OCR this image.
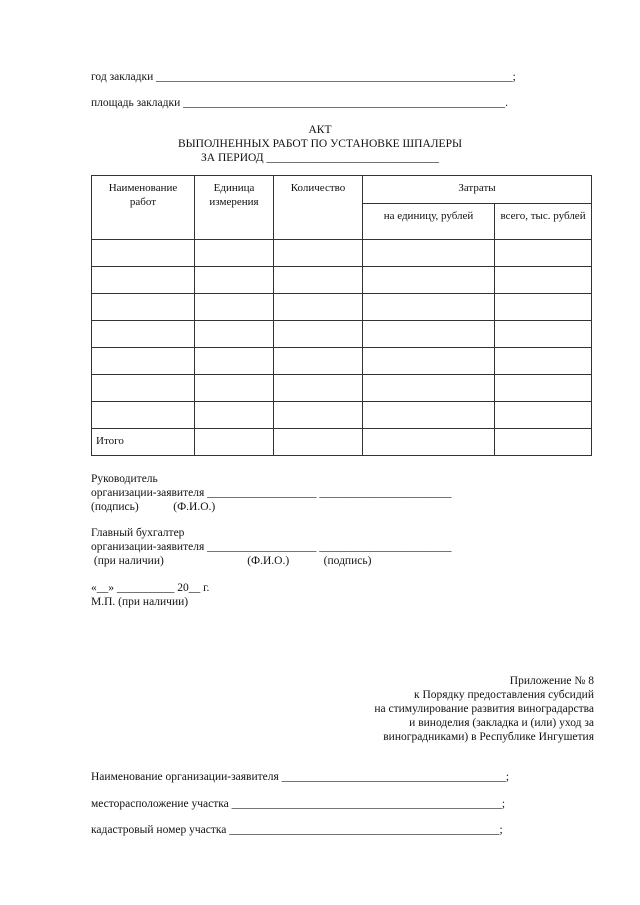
год закладки ______________________________________________________________;
площадь закладки ________________________________________________________.
АКТ
ВЫПОЛНЕННЫХ РАБОТ ПО УСТАНОВКЕ ШПАЛЕРЫ
ЗА ПЕРИОД ______________________________
Наименование работ	Единица измерения	Количество	Затраты	
			на единицу, рублей	всего, тыс. рублей

Итого				
Руководитель
организации-заявителя ___________________ _______________________
(подпись)            (Ф.И.О.)
Главный бухгалтер
организации-заявителя ___________________ _______________________
(при наличии)                             (Ф.И.О.)            (подпись)
«__» __________ 20__ г.
М.П. (при наличии)
Приложение № 8
к Порядку предоставления субсидий
на стимулирование развития виноградарства
и виноделия (закладка и (или) уход за
виноградниками) в Республике Ингушетия
Наименование организации-заявителя _______________________________________;
месторасположение участка _______________________________________________;
кадастровый номер участка _______________________________________________;
